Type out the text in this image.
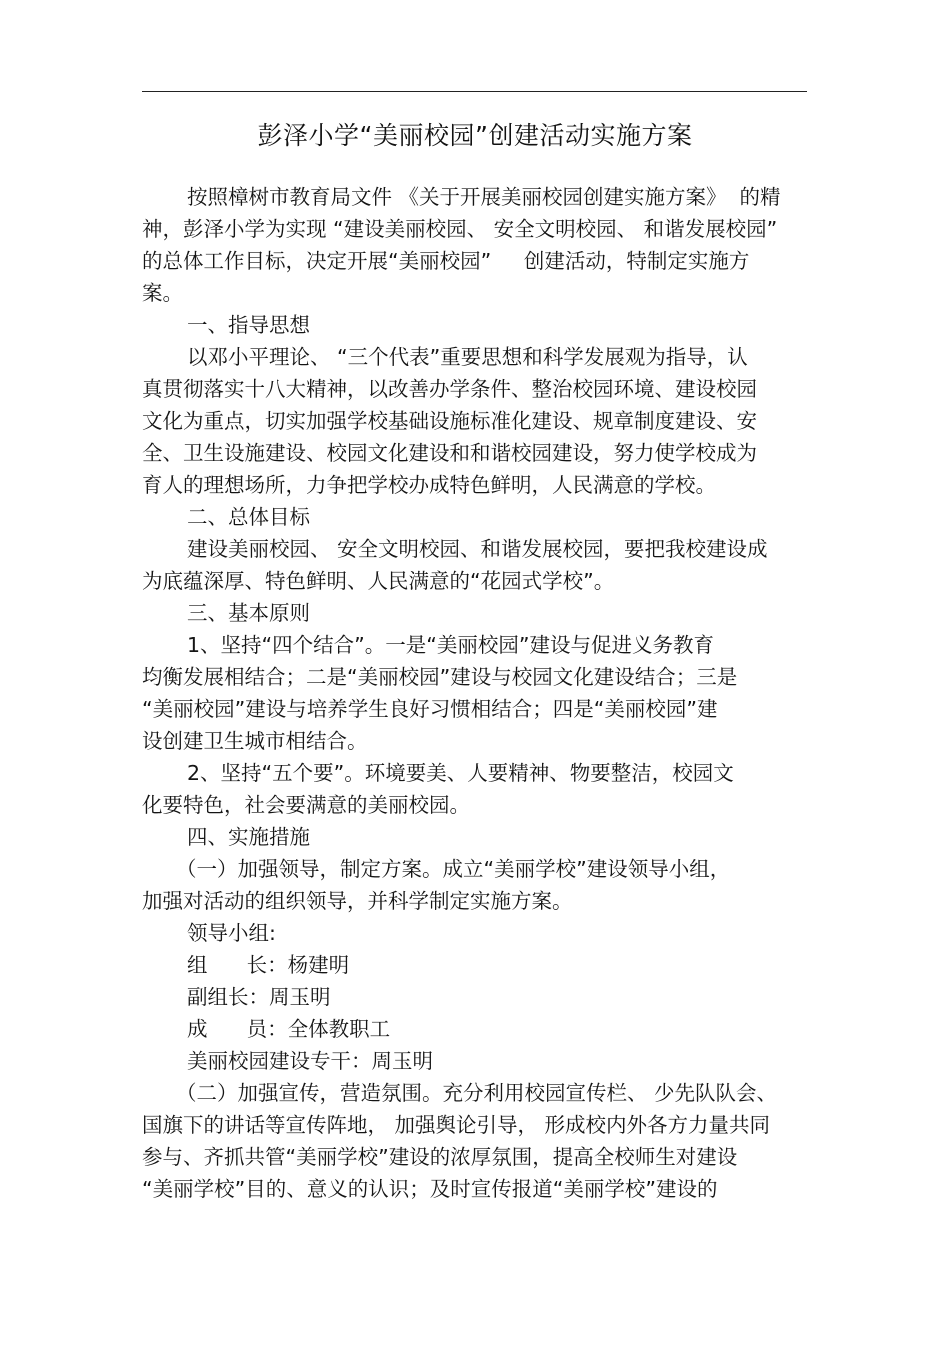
彭泽小学“美丽校园”创建活动实施方案
按照樟树市教育局文件 《关于开展美丽校园创建实施方案》  的精
神，彭泽小学为实现 “建设美丽校园、 安全文明校园、 和谐发展校园”
的总体工作目标，决定开展“美丽校园”     创建活动，特制定实施方
案。
一、指导思想
以邓小平理论、 “三个代表”重要思想和科学发展观为指导，认
真贯彻落实十八大精神，以改善办学条件、整治校园环境、建设校园
文化为重点，切实加强学校基础设施标准化建设、规章制度建设、安
全、卫生设施建设、校园文化建设和和谐校园建设，努力使学校成为
育人的理想场所，力争把学校办成特色鲜明，人民满意的学校。
二、总体目标
建设美丽校园、 安全文明校园、和谐发展校园，要把我校建设成
为底蕴深厚、特色鲜明、人民满意的“花园式学校”。
三、基本原则
1、坚持“四个结合”。一是“美丽校园”建设与促进义务教育
均衡发展相结合；二是“美丽校园”建设与校园文化建设结合；三是
“美丽校园”建设与培养学生良好习惯相结合；四是“美丽校园”建
设创建卫生城市相结合。
2、坚持“五个要”。环境要美、人要精神、物要整洁，校园文
化要特色，社会要满意的美丽校园。
四、实施措施
（一）加强领导，制定方案。成立“美丽学校”建设领导小组，
加强对活动的组织领导，并科学制定实施方案。
领导小组:
组      长：杨建明
副组长：周玉明
成      员：全体教职工
美丽校园建设专干：周玉明
（二）加强宣传，营造氛围。充分利用校园宣传栏、 少先队队会、
国旗下的讲话等宣传阵地， 加强舆论引导， 形成校内外各方力量共同
参与、齐抓共管“美丽学校”建设的浓厚氛围，提高全校师生对建设
“美丽学校”目的、意义的认识；及时宣传报道“美丽学校”建设的
